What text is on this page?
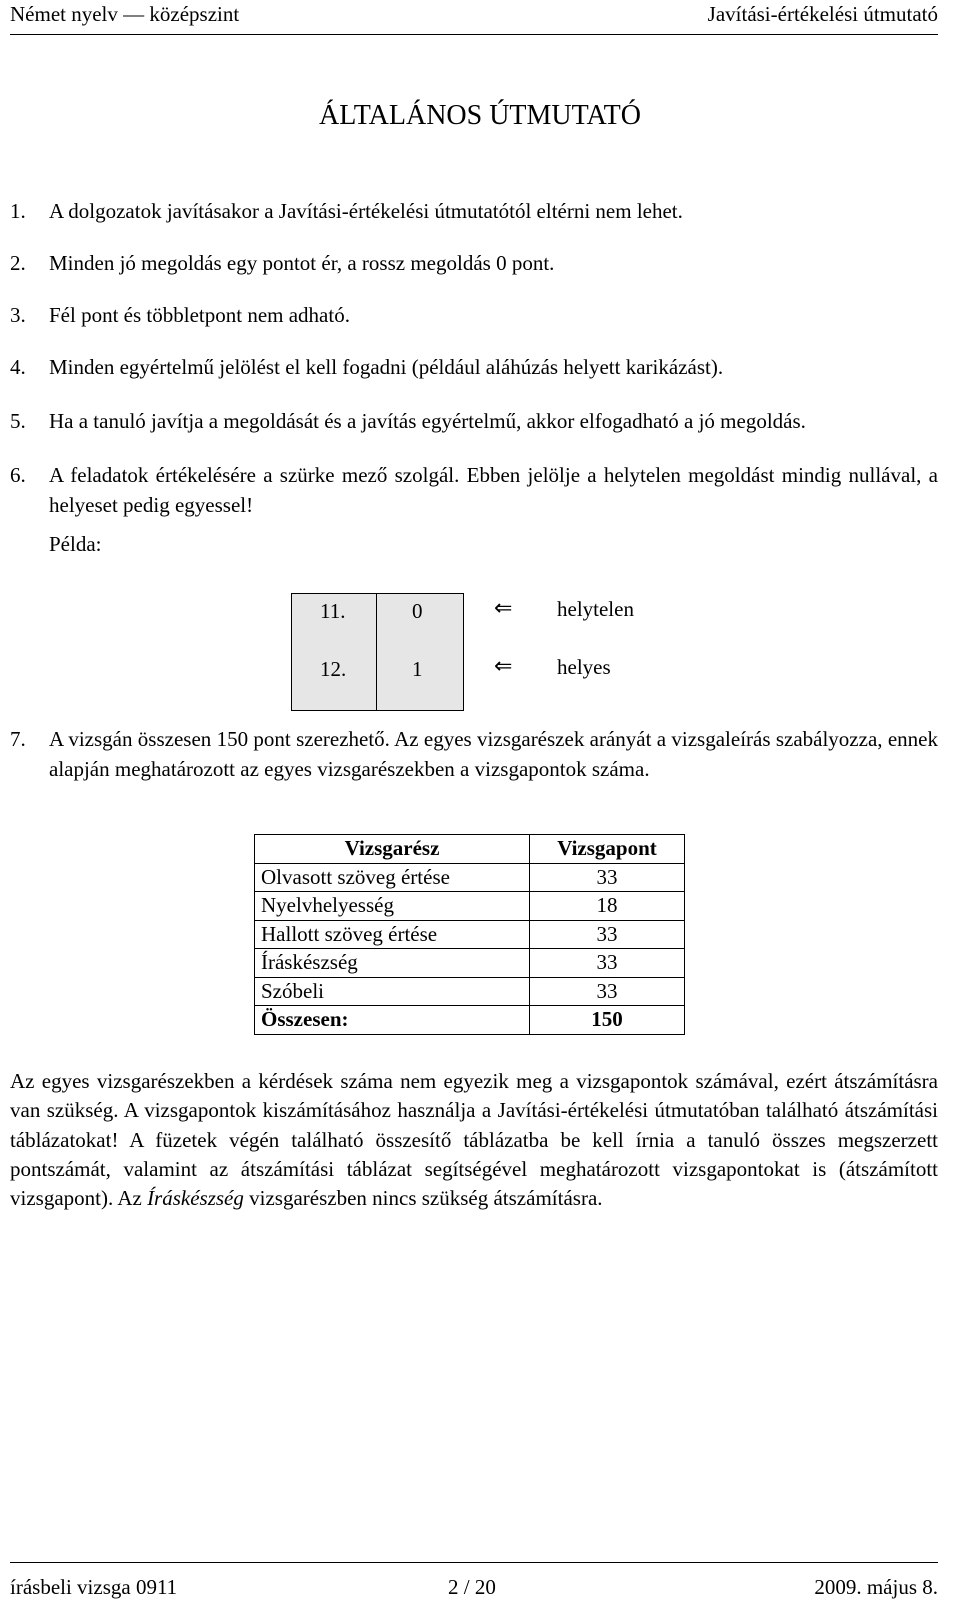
Német nyelv — középszint	Javítási-értékelési útmutató
ÁLTALÁNOS ÚTMUTATÓ
1. A dolgozatok javításakor a Javítási-értékelési útmutatótól eltérni nem lehet.
2. Minden jó megoldás egy pontot ér, a rossz megoldás 0 pont.
3. Fél pont és többletpont nem adható.
4. Minden egyértelmű jelölést el kell fogadni (például aláhúzás helyett karikázást).
5. Ha a tanuló javítja a megoldását és a javítás egyértelmű, akkor elfogadható a jó megoldás.
6. A feladatok értékelésére a szürke mező szolgál. Ebben jelölje a helytelen megoldást mindig nullával, a helyeset pedig egyessel!
Példa:
11.	0
12.	1
⇐ helytelen
⇐ helyes
7. A vizsgán összesen 150 pont szerezhető. Az egyes vizsgarészek arányát a vizsgaleírás szabályozza, ennek alapján meghatározott az egyes vizsgarészekben a vizsgapontok száma.
Vizsgarész	Vizsgapont
Olvasott szöveg értése	33
Nyelvhelyesség	18
Hallott szöveg értése	33
Íráskészség	33
Szóbeli	33
Összesen:	150
Az egyes vizsgarészekben a kérdések száma nem egyezik meg a vizsgapontok számával, ezért átszámításra van szükség. A vizsgapontok kiszámításához használja a Javítási-értékelési útmutatóban található átszámítási táblázatokat! A füzetek végén található összesítő táblázatba be kell írnia a tanuló összes megszerzett pontszámát, valamint az átszámítási táblázat segítségével meghatározott vizsgapontokat is (átszámított vizsgapont). Az Íráskészség vizsgarészben nincs szükség átszámításra.
írásbeli vizsga 0911	2 / 20	2009. május 8.
